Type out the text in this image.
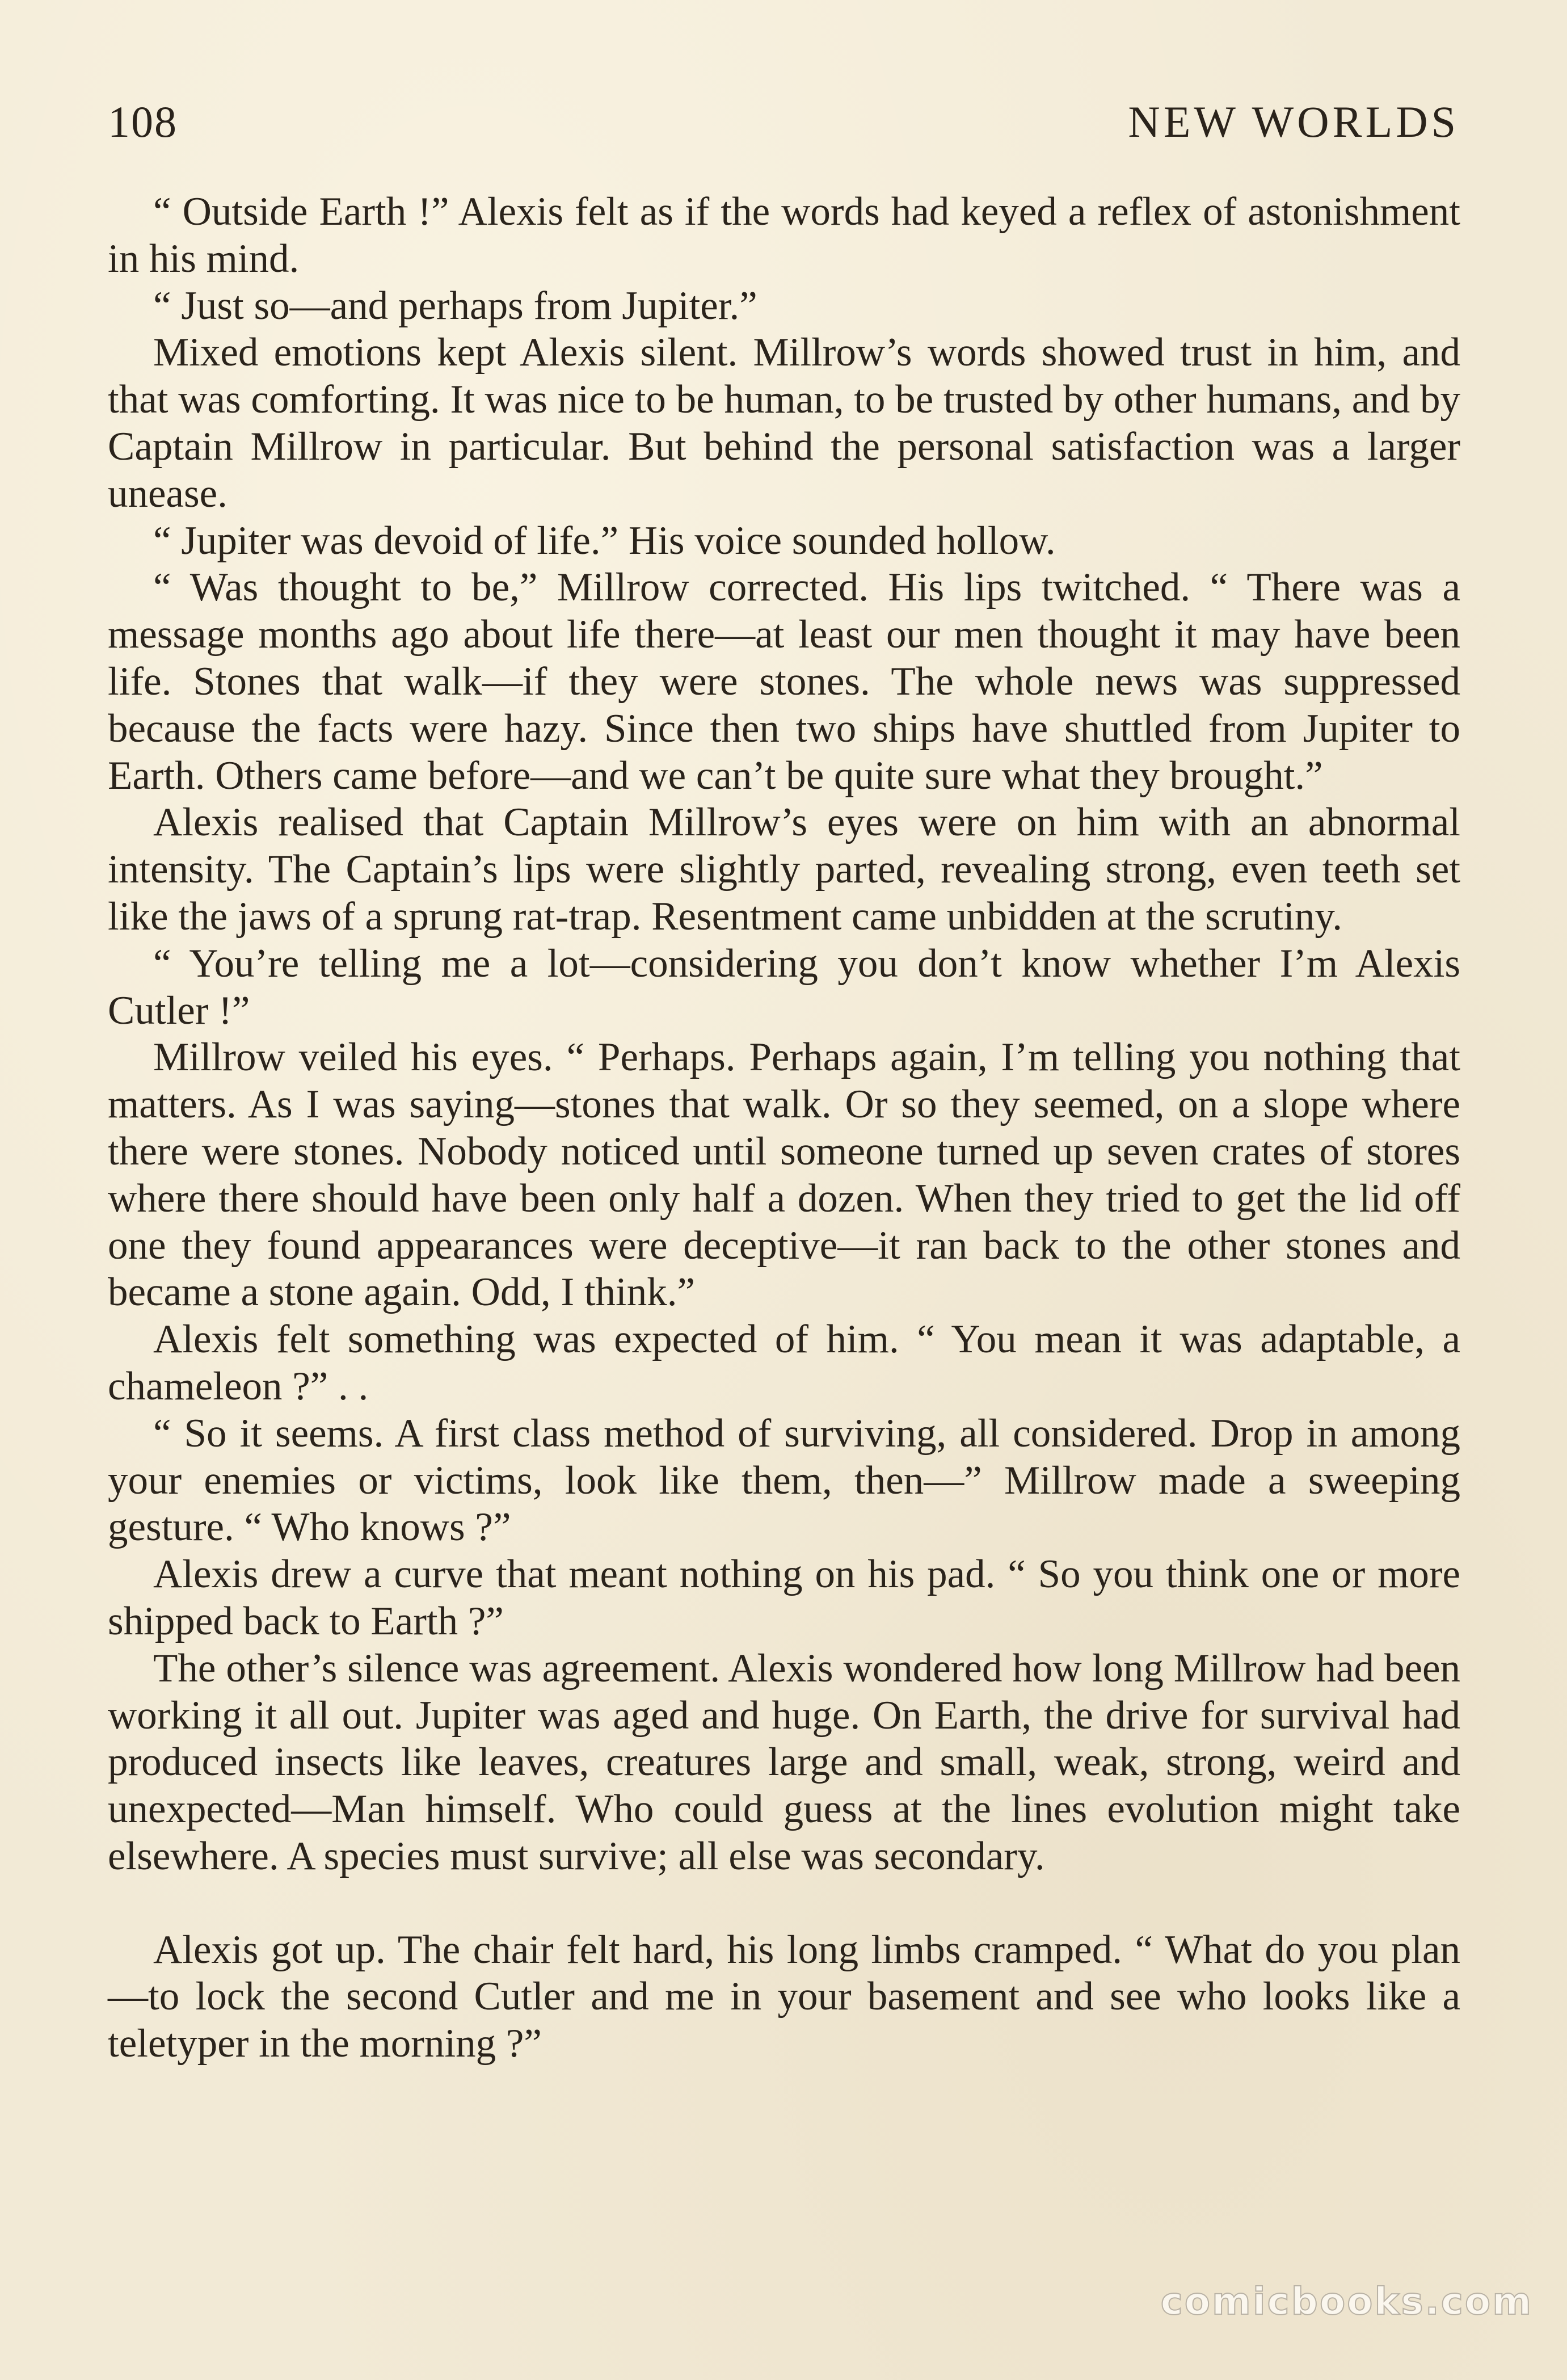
108	NEW WORLDS

“ Outside Earth !” Alexis felt as if the words had keyed a reflex of astonishment in his mind.

“ Just so—and perhaps from Jupiter.”

Mixed emotions kept Alexis silent. Millrow’s words showed trust in him, and that was comforting. It was nice to be human, to be trusted by other humans, and by Captain Millrow in particular. But behind the personal satisfaction was a larger unease.

“ Jupiter was devoid of life.” His voice sounded hollow.

“ Was thought to be,” Millrow corrected. His lips twitched. “ There was a message months ago about life there—at least our men thought it may have been life. Stones that walk—if they were stones. The whole news was suppressed because the facts were hazy. Since then two ships have shuttled from Jupiter to Earth. Others came before—and we can’t be quite sure what they brought.”

Alexis realised that Captain Millrow’s eyes were on him with an abnormal intensity. The Captain’s lips were slightly parted, revealing strong, even teeth set like the jaws of a sprung rat-trap. Resentment came unbidden at the scrutiny.

“ You’re telling me a lot—considering you don’t know whether I’m Alexis Cutler !”

Millrow veiled his eyes. “ Perhaps. Perhaps again, I’m telling you nothing that matters. As I was saying—stones that walk. Or so they seemed, on a slope where there were stones. Nobody noticed until someone turned up seven crates of stores where there should have been only half a dozen. When they tried to get the lid off one they found appearances were deceptive—it ran back to the other stones and became a stone again. Odd, I think.”

Alexis felt something was expected of him. “ You mean it was adaptable, a chameleon ?” . .

“ So it seems. A first class method of surviving, all considered. Drop in among your enemies or victims, look like them, then—” Millrow made a sweeping gesture. “ Who knows ?”

Alexis drew a curve that meant nothing on his pad. “ So you think one or more shipped back to Earth ?”

The other’s silence was agreement. Alexis wondered how long Millrow had been working it all out. Jupiter was aged and huge. On Earth, the drive for survival had produced insects like leaves, creatures large and small, weak, strong, weird and unexpected—Man himself. Who could guess at the lines evolution might take elsewhere. A species must survive; all else was secondary.

Alexis got up. The chair felt hard, his long limbs cramped. “ What do you plan—to lock the second Cutler and me in your basement and see who looks like a teletyper in the morning ?”

comicbooks.com
